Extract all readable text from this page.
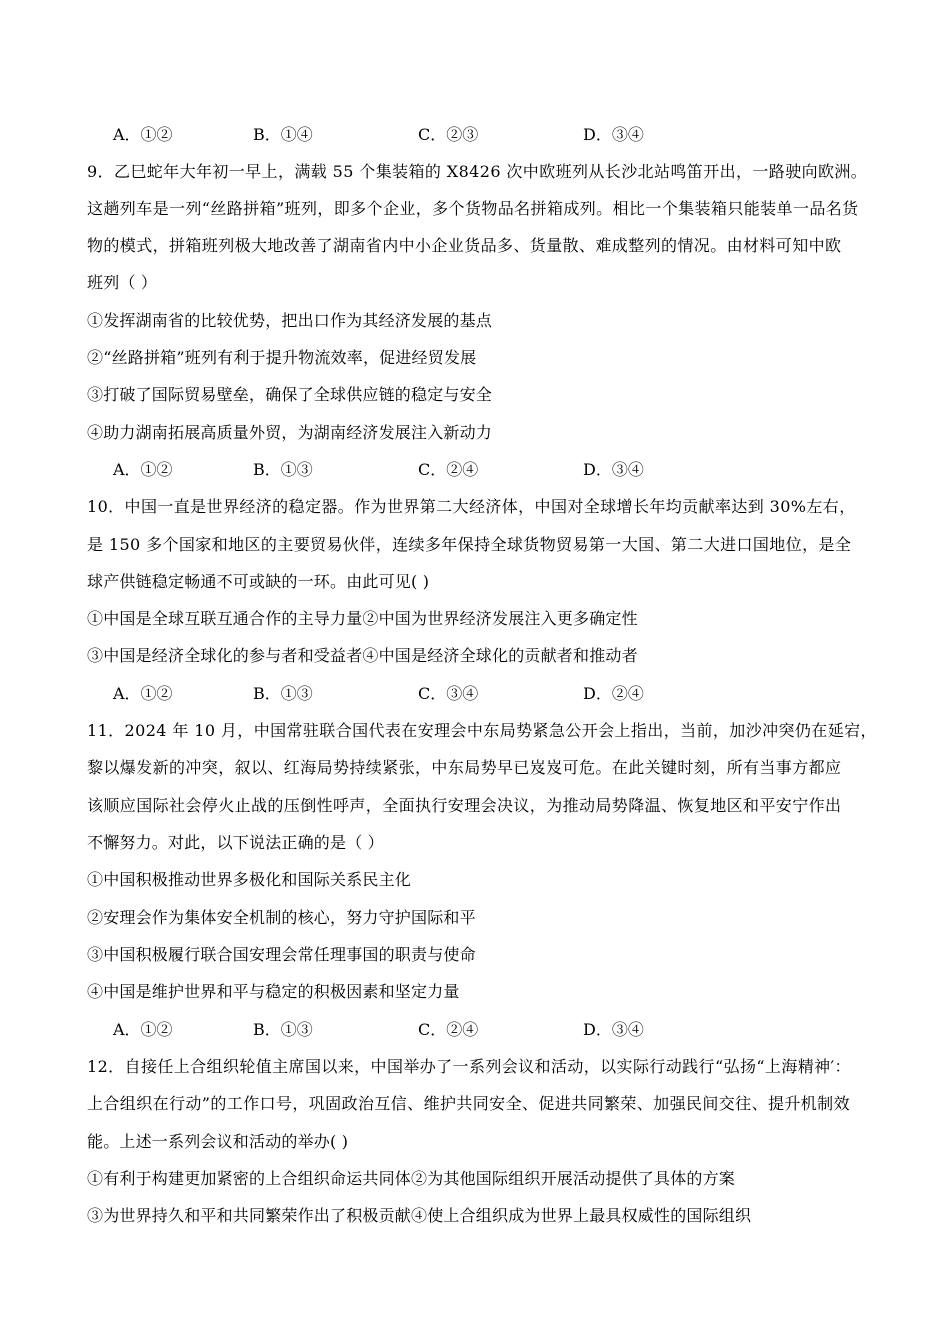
A．①②	B．①④	C．②③	D．③④
9．乙巳蛇年大年初一早上，满载 55 个集装箱的 X8426 次中欧班列从长沙北站鸣笛开出，一路驶向欧洲。
这趟列车是一列“丝路拼箱”班列，即多个企业，多个货物品名拼箱成列。相比一个集装箱只能装单一品名货
物的模式，拼箱班列极大地改善了湖南省内中小企业货品多、货量散、难成整列的情况。由材料可知中欧
班列（ ）
①发挥湖南省的比较优势，把出口作为其经济发展的基点
②“丝路拼箱”班列有利于提升物流效率，促进经贸发展
③打破了国际贸易壁垒，确保了全球供应链的稳定与安全
④助力湖南拓展高质量外贸，为湖南经济发展注入新动力
A．①②	B．①③	C．②④	D．③④
10．中国一直是世界经济的稳定器。作为世界第二大经济体，中国对全球增长年均贡献率达到 30%左右，
是 150 多个国家和地区的主要贸易伙伴，连续多年保持全球货物贸易第一大国、第二大进口国地位，是全
球产供链稳定畅通不可或缺的一环。由此可见( )
①中国是全球互联互通合作的主导力量②中国为世界经济发展注入更多确定性
③中国是经济全球化的参与者和受益者④中国是经济全球化的贡献者和推动者
A．①②	B．①③	C．③④	D．②④
11．2024 年 10 月，中国常驻联合国代表在安理会中东局势紧急公开会上指出，当前，加沙冲突仍在延宕，
黎以爆发新的冲突，叙以、红海局势持续紧张，中东局势早已岌岌可危。在此关键时刻，所有当事方都应
该顺应国际社会停火止战的压倒性呼声，全面执行安理会决议，为推动局势降温、恢复地区和平安宁作出
不懈努力。对此，以下说法正确的是（ ）
①中国积极推动世界多极化和国际关系民主化
②安理会作为集体安全机制的核心，努力守护国际和平
③中国积极履行联合国安理会常任理事国的职责与使命
④中国是维护世界和平与稳定的积极因素和坚定力量
A．①②	B．①③	C．②④	D．③④
12．自接任上合组织轮值主席国以来，中国举办了一系列会议和活动，以实际行动践行“弘扬“上海精神′：
上合组织在行动”的工作口号，巩固政治互信、维护共同安全、促进共同繁荣、加强民间交往、提升机制效
能。上述一系列会议和活动的举办( )
①有利于构建更加紧密的上合组织命运共同体②为其他国际组织开展活动提供了具体的方案
③为世界持久和平和共同繁荣作出了积极贡献④使上合组织成为世界上最具权威性的国际组织
